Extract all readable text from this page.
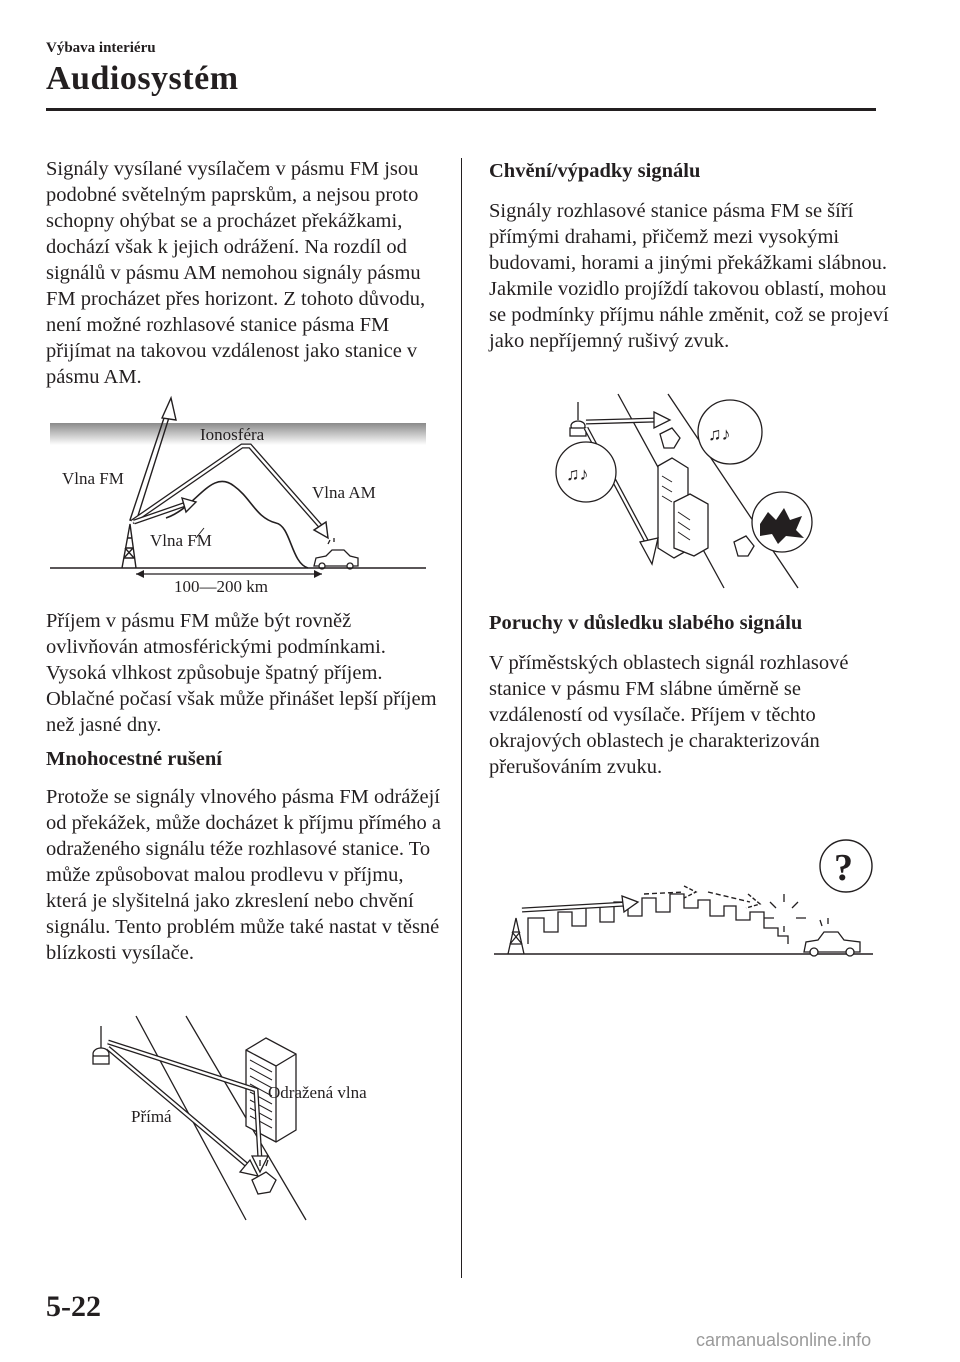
Výbava interiéru
Audiosystém

Signály vysílané vysílačem v pásmu FM jsou podobné světelným paprskům, a nejsou proto schopny ohýbat se a procházet překážkami, dochází však k jejich odrážení. Na rozdíl od signálů v pásmu AM nemohou signály pásmu FM procházet přes horizont. Z tohoto důvodu, není možné rozhlasové stanice pásma FM přijímat na takovou vzdálenost jako stanice v pásmu AM.

Ionosféra
Vlna FM
Vlna AM
Vlna FM
100—200 km

Příjem v pásmu FM může být rovněž ovlivňován atmosférickými podmínkami. Vysoká vlhkost způsobuje špatný příjem. Oblačné počasí však může přinášet lepší příjem než jasné dny.

Mnohocestné rušení

Protože se signály vlnového pásma FM odrážejí od překážek, může docházet k příjmu přímého a odraženého signálu téže rozhlasové stanice. To může způsobovat malou prodlevu v příjmu, která je slyšitelná jako zkreslení nebo chvění signálu. Tento problém může také nastat v těsné blízkosti vysílače.

Odražená vlna
Přímá
Chvění/výpadky signálu

Signály rozhlasové stanice pásma FM se šíří přímými drahami, přičemž mezi vysokými budovami, horami a jinými překážkami slábnou. Jakmile vozidlo projíždí takovou oblastí, mohou se podmínky příjmu náhle změnit, což se projeví jako nepříjemný rušivý zvuk.

♫♪
♫♪
Poruchy v důsledku slabého signálu

V příměstských oblastech signál rozhlasové stanice v pásmu FM slábne úměrně se vzdáleností od vysílače. Příjem v těchto okrajových oblastech je charakterizován přerušováním zvuku.

?
5-22
carmanualsonline.info
